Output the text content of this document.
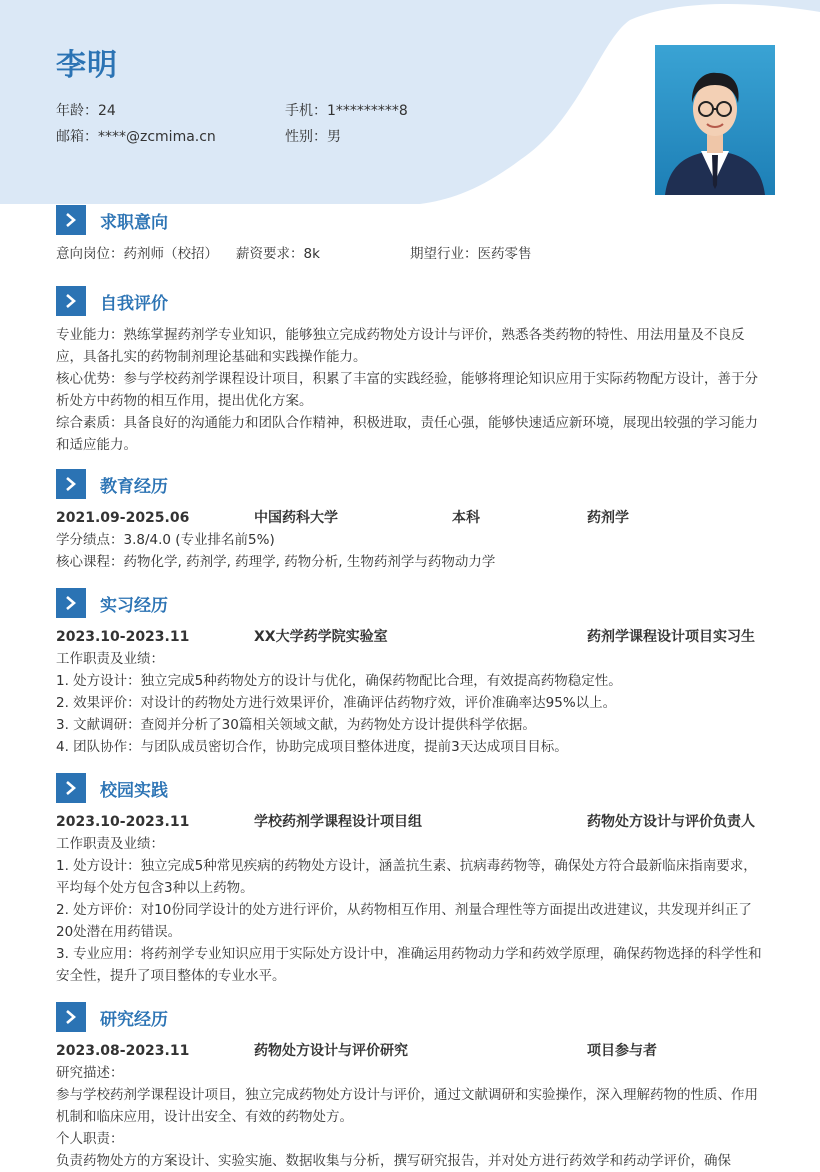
李明
年龄：24	手机：1*********8
邮箱：****@zcmima.cn	性别：男
求职意向
意向岗位：药剂师（校招）	薪资要求：8k	期望行业：医药零售
自我评价
专业能力：熟练掌握药剂学专业知识，能够独立完成药物处方设计与评价，熟悉各类药物的特性、用法用量及不良反应，具备扎实的药物制剂理论基础和实践操作能力。
核心优势：参与学校药剂学课程设计项目，积累了丰富的实践经验，能够将理论知识应用于实际药物配方设计，善于分析处方中药物的相互作用，提出优化方案。
综合素质：具备良好的沟通能力和团队合作精神，积极进取，责任心强，能够快速适应新环境，展现出较强的学习能力和适应能力。
教育经历
2021.09-2025.06	中国药科大学	本科	药剂学
学分绩点：3.8/4.0 (专业排名前5%)
核心课程：药物化学, 药剂学, 药理学, 药物分析, 生物药剂学与药物动力学
实习经历
2023.10-2023.11	XX大学药学院实验室	药剂学课程设计项目实习生
工作职责及业绩：
1. 处方设计：独立完成5种药物处方的设计与优化，确保药物配比合理，有效提高药物稳定性。
2. 效果评价：对设计的药物处方进行效果评价，准确评估药物疗效，评价准确率达95%以上。
3. 文献调研：查阅并分析了30篇相关领域文献，为药物处方设计提供科学依据。
4. 团队协作：与团队成员密切合作，协助完成项目整体进度，提前3天达成项目目标。
校园实践
2023.10-2023.11	学校药剂学课程设计项目组	药物处方设计与评价负责人
工作职责及业绩：
1. 处方设计：独立完成5种常见疾病的药物处方设计，涵盖抗生素、抗病毒药物等，确保处方符合最新临床指南要求，平均每个处方包含3种以上药物。
2. 处方评价：对10份同学设计的处方进行评价，从药物相互作用、剂量合理性等方面提出改进建议，共发现并纠正了20处潜在用药错误。
3. 专业应用：将药剂学专业知识应用于实际处方设计中，准确运用药物动力学和药效学原理，确保药物选择的科学性和安全性，提升了项目整体的专业水平。
研究经历
2023.08-2023.11	药物处方设计与评价研究	项目参与者
研究描述：
参与学校药剂学课程设计项目，独立完成药物处方设计与评价，通过文献调研和实验操作，深入理解药物的性质、作用机制和临床应用，设计出安全、有效的药物处方。
个人职责：
负责药物处方的方案设计、实验实施、数据收集与分析，撰写研究报告，并对处方进行药效学和药动学评价，确保
